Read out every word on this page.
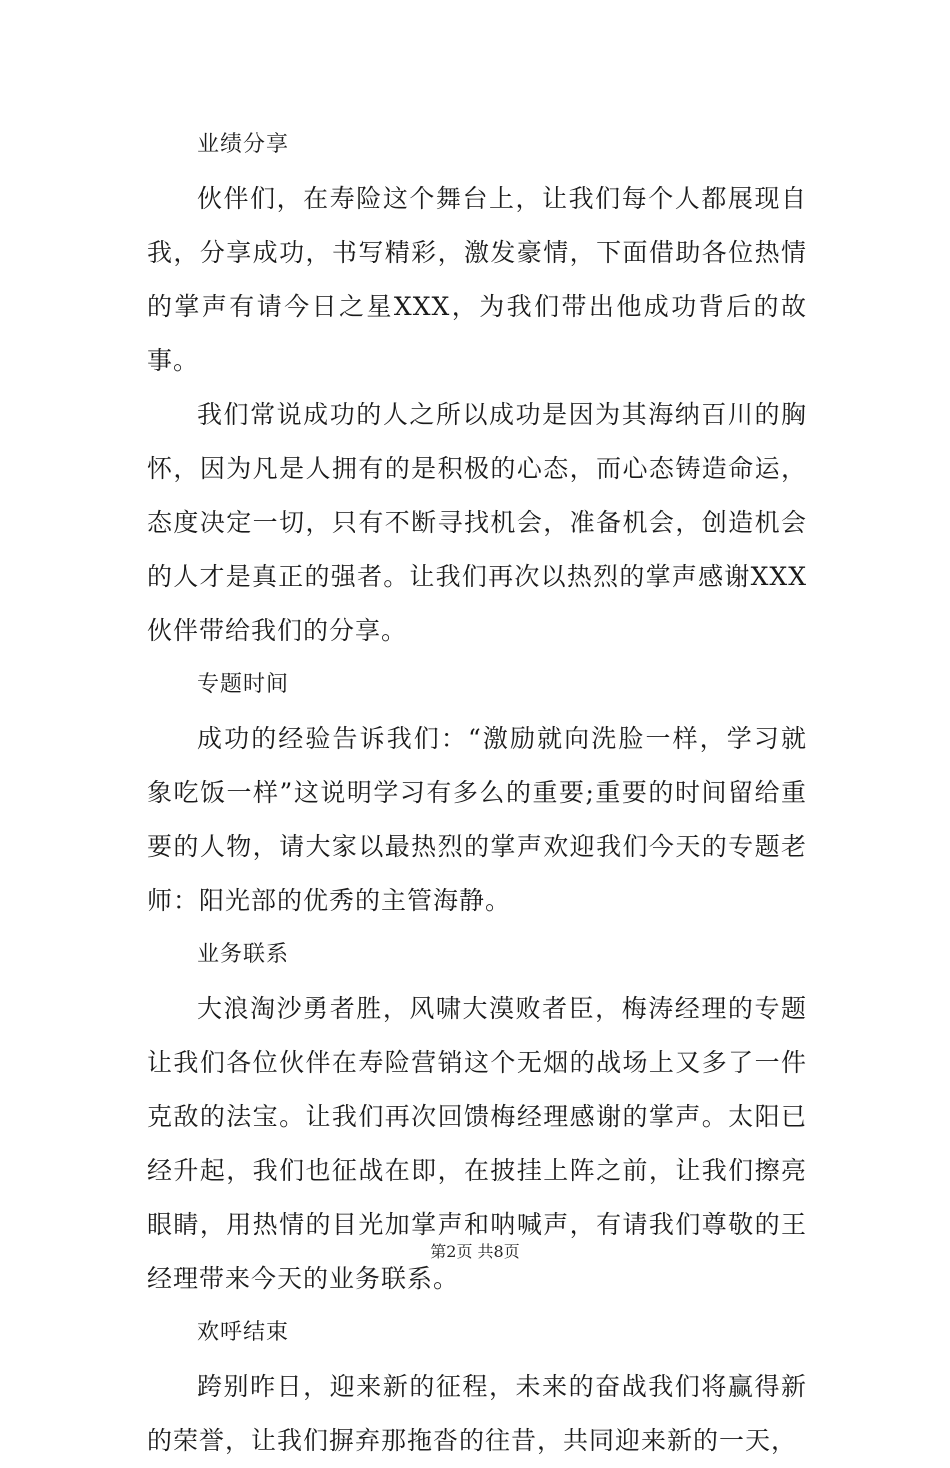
业绩分享

伙伴们，在寿险这个舞台上，让我们每个人都展现自我，分享成功，书写精彩，激发豪情，下面借助各位热情的掌声有请今日之星XXX，为我们带出他成功背后的故事。

我们常说成功的人之所以成功是因为其海纳百川的胸怀，因为凡是人拥有的是积极的心态，而心态铸造命运，态度决定一切，只有不断寻找机会，准备机会，创造机会的人才是真正的强者。让我们再次以热烈的掌声感谢XXX伙伴带给我们的分享。

专题时间

成功的经验告诉我们：“激励就向洗脸一样，学习就象吃饭一样”这说明学习有多么的重要;重要的时间留给重要的人物，请大家以最热烈的掌声欢迎我们今天的专题老师：阳光部的优秀的主管海静。

业务联系

大浪淘沙勇者胜，风啸大漠败者臣，梅涛经理的专题让我们各位伙伴在寿险营销这个无烟的战场上又多了一件克敌的法宝。让我们再次回馈梅经理感谢的掌声。太阳已经升起，我们也征战在即，在披挂上阵之前，让我们擦亮眼睛，用热情的目光加掌声和呐喊声，有请我们尊敬的王经理带来今天的业务联系。

欢呼结束

跨别昨日，迎来新的征程，未来的奋战我们将赢得新的荣誉，让我们摒弃那拖沓的往昔，共同迎来新的一天，

第2页 共8页
